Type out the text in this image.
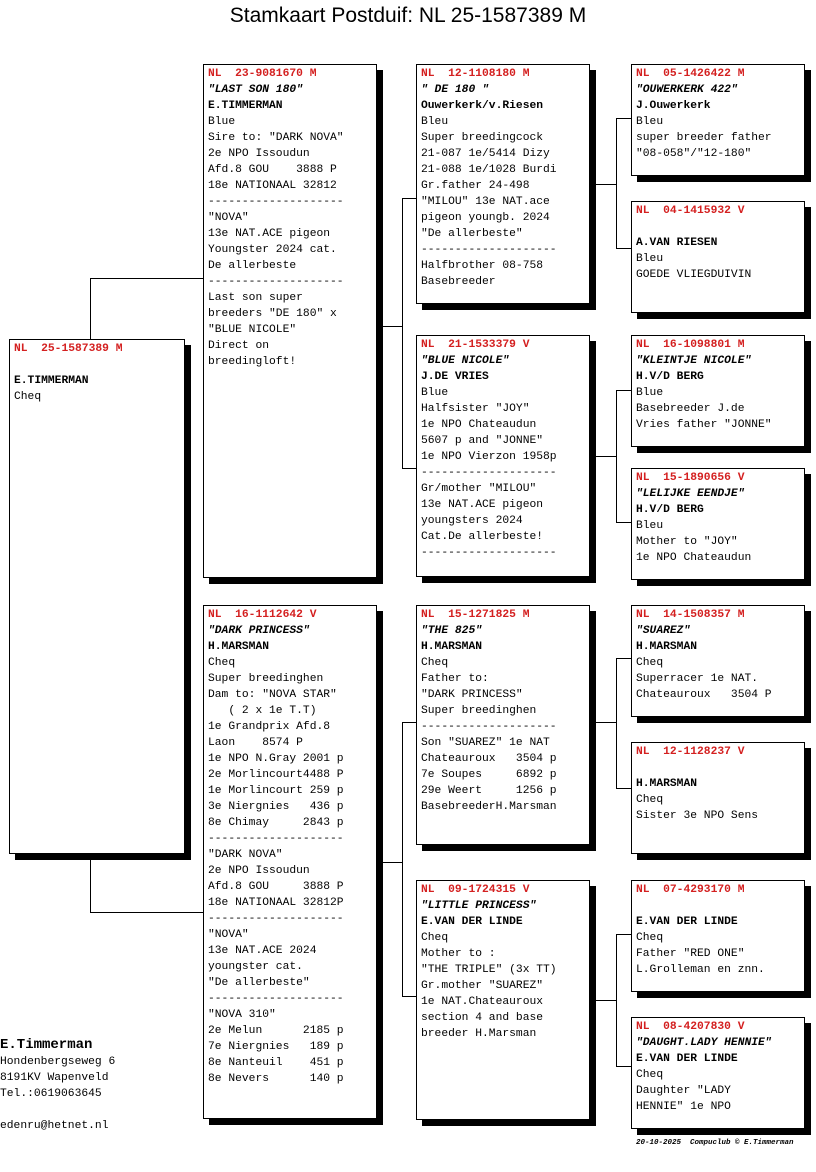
Stamkaart Postduif: NL 25-1587389 M
NL  25-1587389 M

E.TIMMERMAN
Cheq
NL  23-9081670 M
"LAST SON 180"
E.TIMMERMAN
Blue
Sire to: "DARK NOVA"
2e NPO Issoudun
Afd.8 GOU    3888 P
18e NATIONAAL 32812
--------------------
"NOVA"
13e NAT.ACE pigeon
Youngster 2024 cat.
De allerbeste
--------------------
Last son super
breeders "DE 180" x
"BLUE NICOLE"
Direct on
breedingloft!
NL  16-1112642 V
"DARK PRINCESS"
H.MARSMAN
Cheq
Super breedinghen
Dam to: "NOVA STAR"
( 2 x 1e T.T)
1e Grandprix Afd.8
Laon    8574 P
1e NPO N.Gray 2001 p
2e Morlincourt4488 P
1e Morlincourt 259 p
3e Niergnies   436 p
8e Chimay     2843 p
--------------------
"DARK NOVA"
2e NPO Issoudun
Afd.8 GOU     3888 P
18e NATIONAAL 32812P
--------------------
"NOVA"
13e NAT.ACE 2024
youngster cat.
"De allerbeste"
--------------------
"NOVA 310"
2e Melun      2185 p
7e Niergnies   189 p
8e Nanteuil    451 p
8e Nevers      140 p
NL  12-1108180 M
" DE 180 "
Ouwerkerk/v.Riesen
Bleu
Super breedingcock
21-087 1e/5414 Dizy
21-088 1e/1028 Burdi
Gr.father 24-498
"MILOU" 13e NAT.ace
pigeon youngb. 2024
"De allerbeste"
--------------------
Halfbrother 08-758
Basebreeder
NL  21-1533379 V
"BLUE NICOLE"
J.DE VRIES
Blue
Halfsister "JOY"
1e NPO Chateaudun
5607 p and "JONNE"
1e NPO Vierzon 1958p
--------------------
Gr/mother "MILOU"
13e NAT.ACE pigeon
youngsters 2024
Cat.De allerbeste!
--------------------
NL  15-1271825 M
"THE 825"
H.MARSMAN
Cheq
Father to:
"DARK PRINCESS"
Super breedinghen
--------------------
Son "SUAREZ" 1e NAT
Chateauroux   3504 p
7e Soupes     6892 p
29e Weert     1256 p
BasebreederH.Marsman
NL  09-1724315 V
"LITTLE PRINCESS"
E.VAN DER LINDE
Cheq
Mother to :
"THE TRIPLE" (3x TT)
Gr.mother "SUAREZ"
1e NAT.Chateauroux
section 4 and base
breeder H.Marsman
NL  05-1426422 M
"OUWERKERK 422"
J.Ouwerkerk
Bleu
super breeder father
"08-058"/"12-180"
NL  04-1415932 V

A.VAN RIESEN
Bleu
GOEDE VLIEGDUIVIN
NL  16-1098801 M
"KLEINTJE NICOLE"
H.V/D BERG
Blue
Basebreeder J.de
Vries father "JONNE"
NL  15-1890656 V
"LELIJKE EENDJE"
H.V/D BERG
Bleu
Mother to "JOY"
1e NPO Chateaudun
NL  14-1508357 M
"SUAREZ"
H.MARSMAN
Cheq
Superracer 1e NAT.
Chateauroux   3504 P
NL  12-1128237 V

H.MARSMAN
Cheq
Sister 3e NPO Sens
NL  07-4293170 M

E.VAN DER LINDE
Cheq
Father "RED ONE"
L.Grolleman en znn.
NL  08-4207830 V
"DAUGHT.LADY HENNIE"
E.VAN DER LINDE
Cheq
Daughter "LADY
HENNIE" 1e NPO
E.Timmerman
Hondenbergseweg 6
8191KV Wapenveld
Tel.:0619063645
edenru@hetnet.nl
20-10-2025 Compuclub © E.Timmerman
